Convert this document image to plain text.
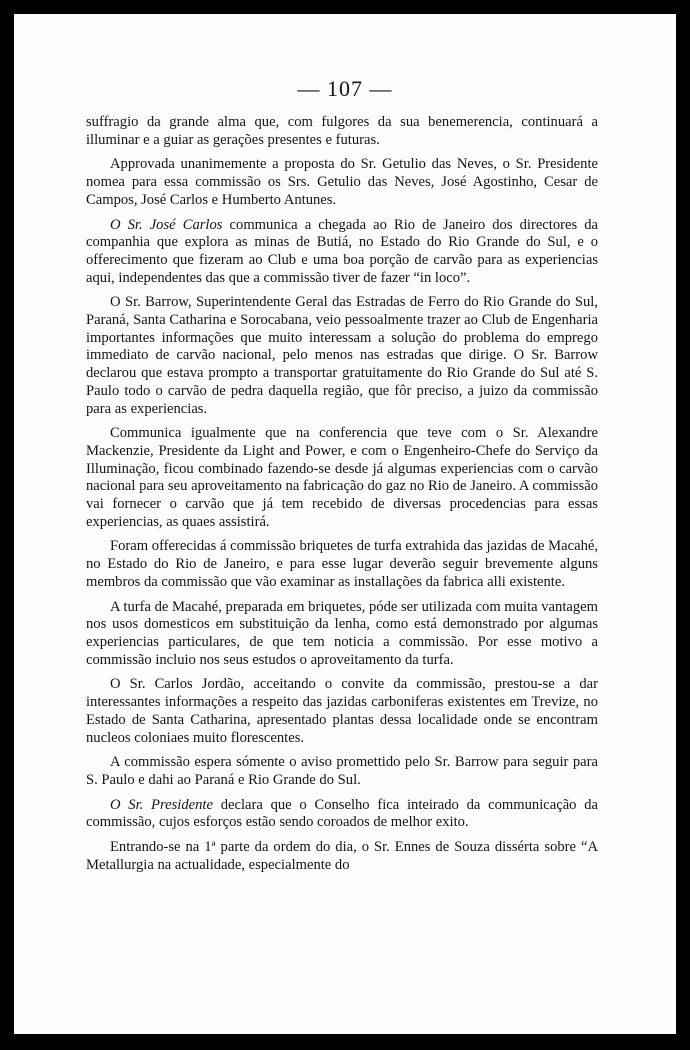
— 107 —

suffragio da grande alma que, com fulgores da sua benemerencia, continuará a illuminar e a guiar as gerações presentes e futuras.

Approvada unanimemente a proposta do Sr. Getulio das Neves, o Sr. Presidente nomea para essa commissão os Srs. Getulio das Neves, José Agostinho, Cesar de Campos, José Carlos e Humberto Antunes.

O Sr. José Carlos communica a chegada ao Rio de Janeiro dos directores da companhia que explora as minas de Butiá, no Estado do Rio Grande do Sul, e o offerecimento que fizeram ao Club e uma boa porção de carvão para as experiencias aqui, independentes das que a commissão tiver de fazer “in loco”.

O Sr. Barrow, Superintendente Geral das Estradas de Ferro do Rio Grande do Sul, Paraná, Santa Catharina e Sorocabana, veio pessoalmente trazer ao Club de Engenharia importantes informações que muito interessam a solução do problema do emprego immediato de carvão nacional, pelo menos nas estradas que dirige. O Sr. Barrow declarou que estava prompto a transportar gratuitamente do Rio Grande do Sul até S. Paulo todo o carvão de pedra daquella região, que fôr preciso, a juizo da commissão para as experiencias.

Communica igualmente que na conferencia que teve com o Sr. Alexandre Mackenzie, Presidente da Light and Power, e com o Engenheiro-Chefe do Serviço da Illuminação, ficou combinado fazendo-se desde já algumas experiencias com o carvão nacional para seu aproveitamento na fabricação do gaz no Rio de Janeiro. A commissão vai fornecer o carvão que já tem recebido de diversas procedencias para essas experiencias, as quaes assistirá.

Foram offerecidas á commissão briquetes de turfa extrahida das jazidas de Macahé, no Estado do Rio de Janeiro, e para esse lugar deverão seguir brevemente alguns membros da commissão que vão examinar as installações da fabrica alli existente.

A turfa de Macahé, preparada em briquetes, póde ser utilizada com muita vantagem nos usos domesticos em substituição da lenha, como está demonstrado por algumas experiencias particulares, de que tem noticia a commissão. Por esse motivo a commissão incluio nos seus estudos o aproveitamento da turfa.

O Sr. Carlos Jordão, acceitando o convite da commissão, prestou-se a dar interessantes informações a respeito das jazidas carboniferas existentes em Trevize, no Estado de Santa Catharina, apresentado plantas dessa localidade onde se encontram nucleos coloniaes muito florescentes.

A commissão espera sómente o aviso promettido pelo Sr. Barrow para seguir para S. Paulo e dahi ao Paraná e Rio Grande do Sul.

O Sr. Presidente declara que o Conselho fica inteirado da communicação da commissão, cujos esforços estão sendo coroados de melhor exito.

Entrando-se na 1ª parte da ordem do dia, o Sr. Ennes de Souza dissérta sobre “A Metallurgia na actualidade, especialmente do
